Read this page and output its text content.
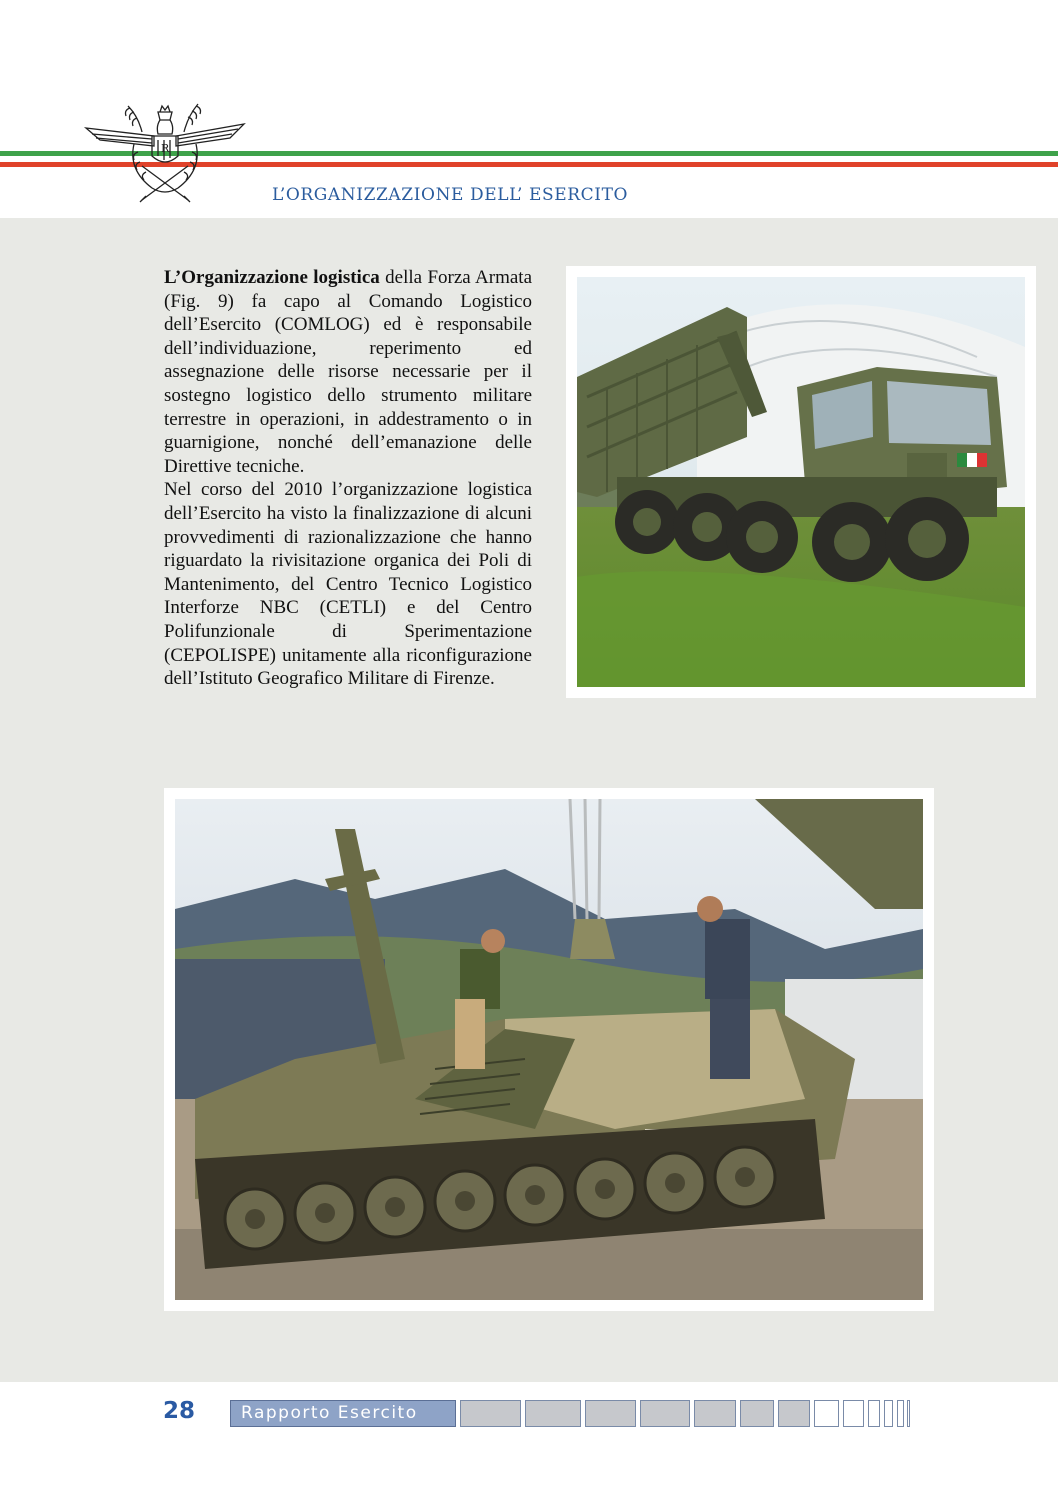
R
L’ORGANIZZAZIONE DELL’ ESERCITO

L’Organizzazione logistica della Forza Armata (Fig. 9) fa capo al Comando Logistico dell’Esercito (COMLOG) ed è responsabile dell’individuazione, reperimento ed assegnazione delle risorse necessarie per il sostegno logistico dello strumento militare terrestre in operazioni, in addestramento o in guarnigione, nonché dell’emanazione delle Direttive tecniche.

Nel corso del 2010 l’organizzazione logistica dell’Esercito ha visto la finalizzazione di alcuni provvedimenti di razionalizzazione che hanno riguardato la rivisitazione organica dei Poli di Mantenimento, del Centro Tecnico Logistico Interforze NBC (CETLI) e del Centro Polifunzionale di Sperimentazione (CEPOLISPE) unitamente alla riconfigurazione dell’Istituto Geografico Militare di Firenze.

28	Rapporto Esercito
